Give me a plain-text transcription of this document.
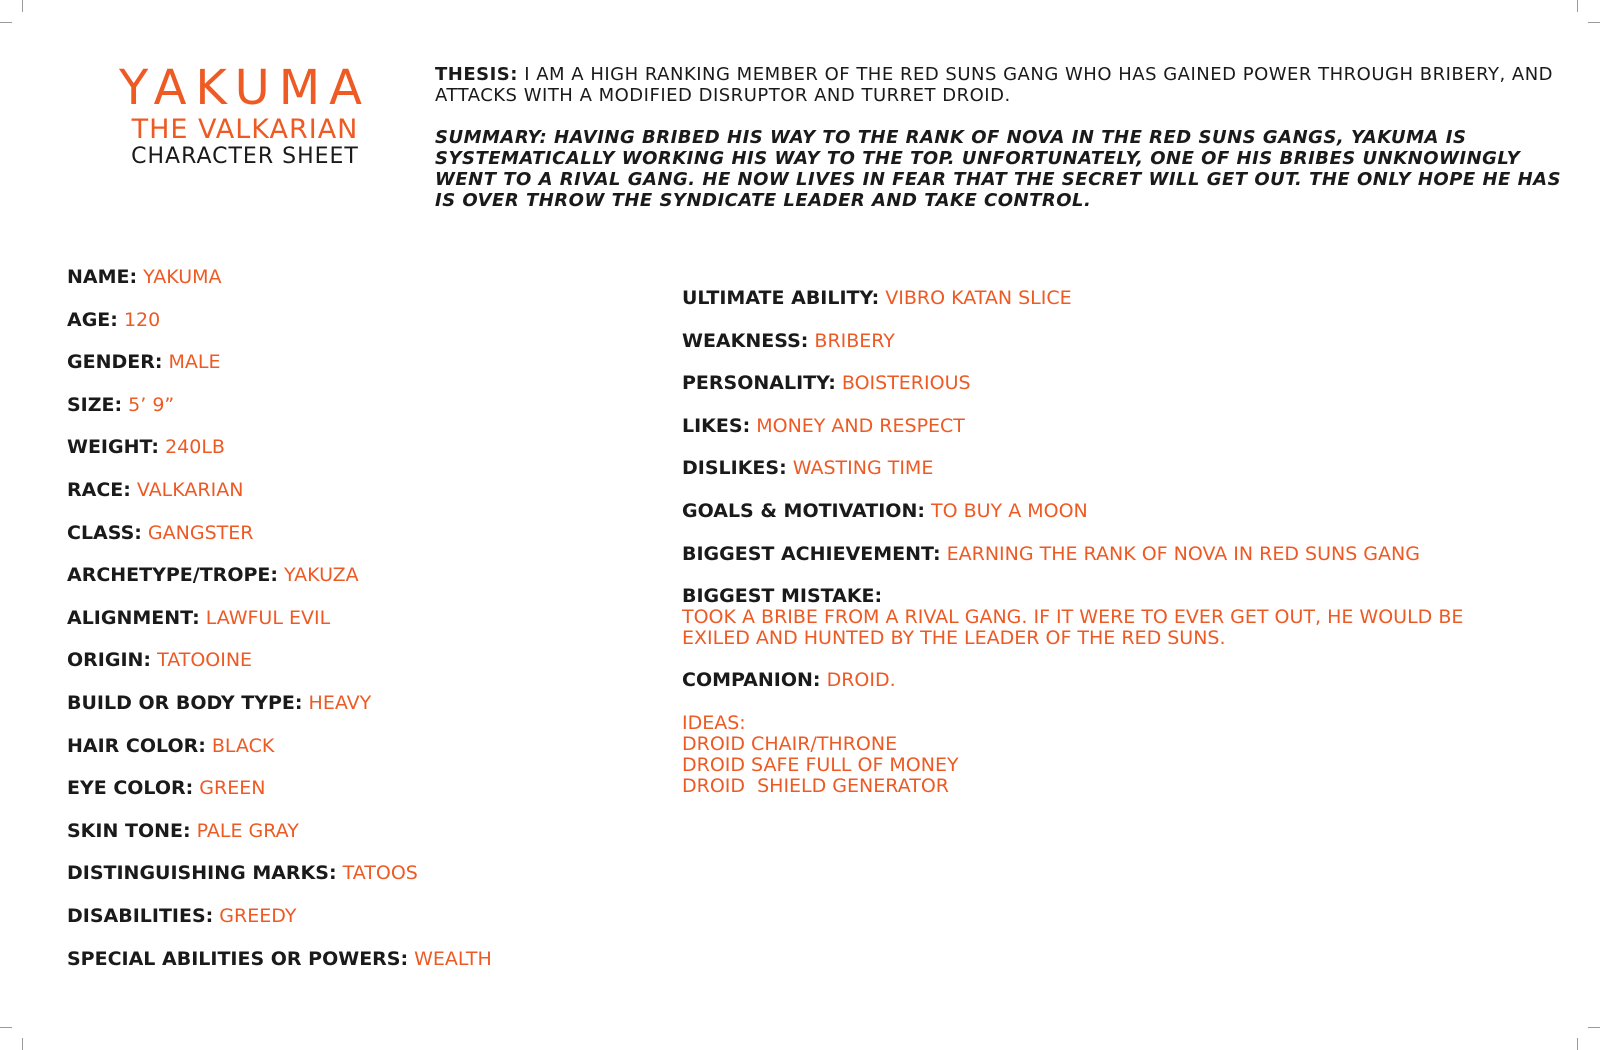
YAKUMA
THE VALKARIAN
CHARACTER SHEET

THESIS: I AM A HIGH RANKING MEMBER OF THE RED SUNS GANG WHO HAS GAINED POWER THROUGH BRIBERY, AND ATTACKS WITH A MODIFIED DISRUPTOR AND TURRET DROID.

SUMMARY: HAVING BRIBED HIS WAY TO THE RANK OF NOVA IN THE RED SUNS GANGS, YAKUMA IS SYSTEMATICALLY WORKING HIS WAY TO THE TOP. UNFORTUNATELY, ONE OF HIS BRIBES UNKNOWINGLY WENT TO A RIVAL GANG. HE NOW LIVES IN FEAR THAT THE SECRET WILL GET OUT. THE ONLY HOPE HE HAS IS OVER THROW THE SYNDICATE LEADER AND TAKE CONTROL.

NAME: YAKUMA
AGE: 120
GENDER: MALE
SIZE: 5’ 9”
WEIGHT: 240LB
RACE: VALKARIAN
CLASS: GANGSTER
ARCHETYPE/TROPE: YAKUZA
ALIGNMENT: LAWFUL EVIL
ORIGIN: TATOOINE
BUILD OR BODY TYPE: HEAVY
HAIR COLOR: BLACK
EYE COLOR: GREEN
SKIN TONE: PALE GRAY
DISTINGUISHING MARKS: TATOOS
DISABILITIES: GREEDY
SPECIAL ABILITIES OR POWERS: WEALTH
ULTIMATE ABILITY: VIBRO KATAN SLICE
WEAKNESS: BRIBERY
PERSONALITY: BOISTERIOUS
LIKES: MONEY AND RESPECT
DISLIKES: WASTING TIME
GOALS & MOTIVATION: TO BUY A MOON
BIGGEST ACHIEVEMENT: EARNING THE RANK OF NOVA IN RED SUNS GANG
BIGGEST MISTAKE:
TOOK A BRIBE FROM A RIVAL GANG. IF IT WERE TO EVER GET OUT, HE WOULD BE
EXILED AND HUNTED BY THE LEADER OF THE RED SUNS.
COMPANION: DROID.
IDEAS:
DROID CHAIR/THRONE
DROID SAFE FULL OF MONEY
DROID  SHIELD GENERATOR
